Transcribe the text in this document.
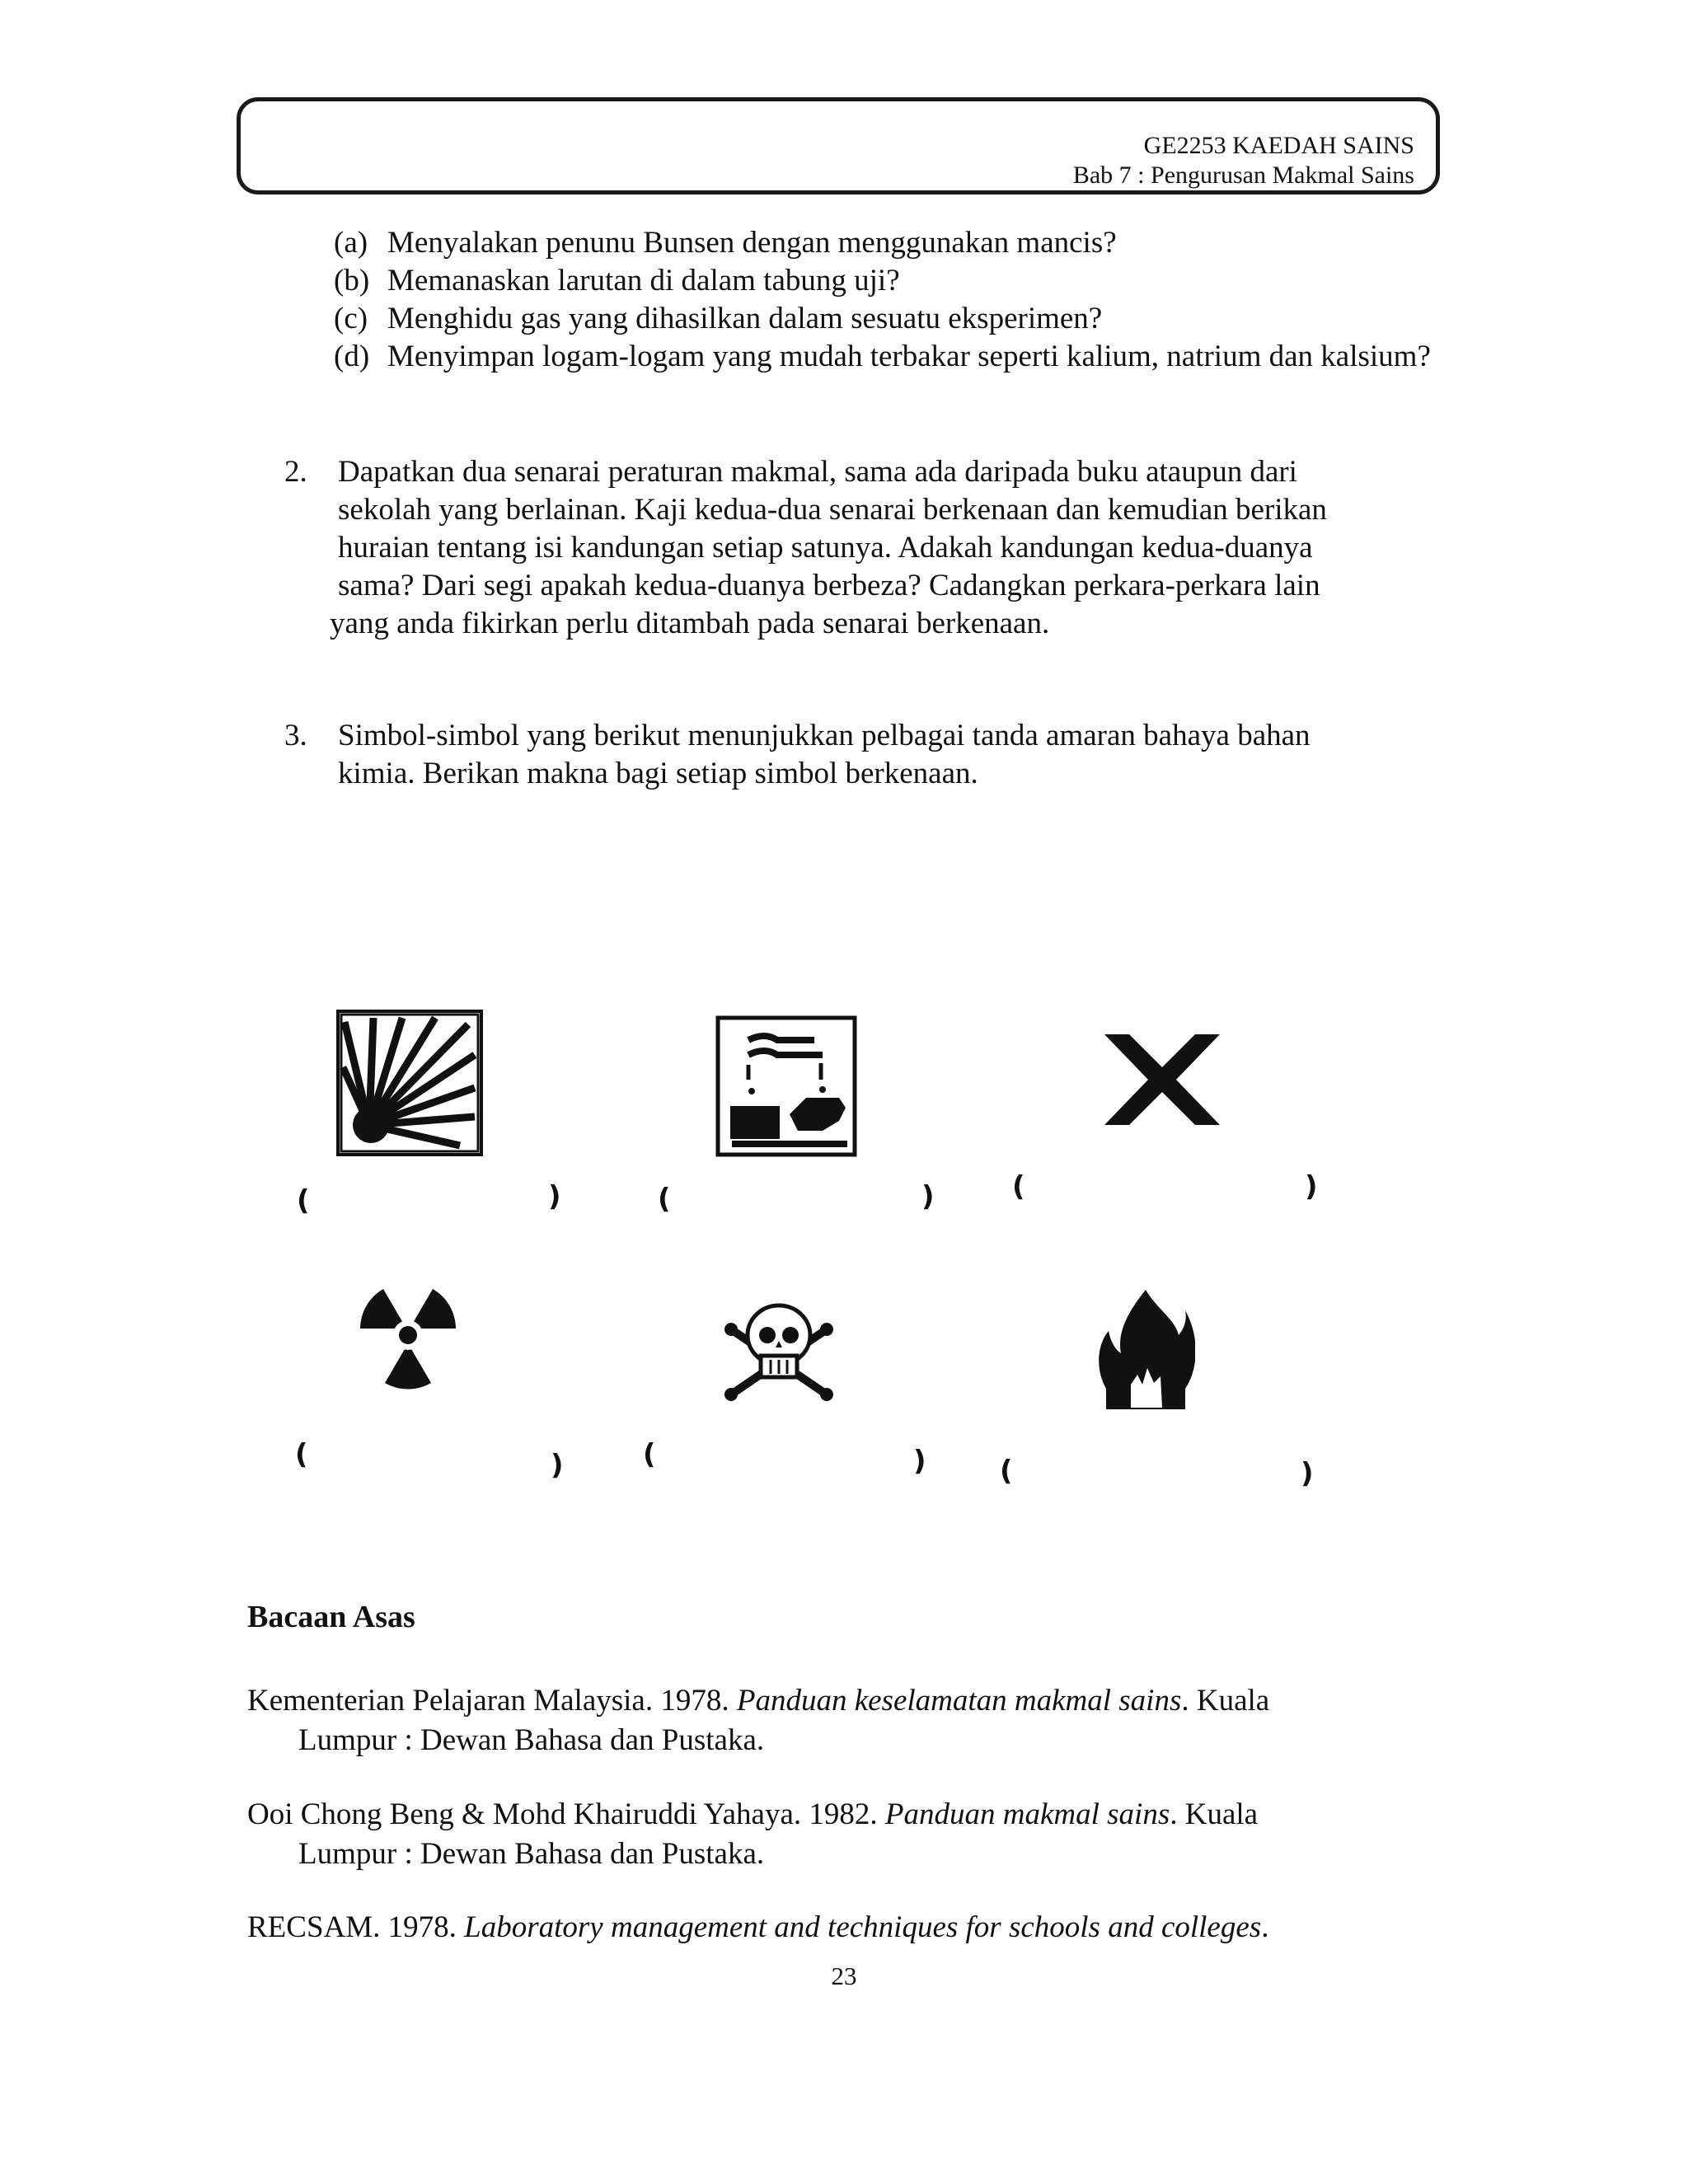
GE2253 KAEDAH SAINS
Bab 7 : Pengurusan Makmal Sains
(a) Menyalakan penunu Bunsen dengan menggunakan mancis?
(b) Memanaskan larutan di dalam tabung uji?
(c) Menghidu gas yang dihasilkan dalam sesuatu eksperimen?
(d) Menyimpan logam-logam yang mudah terbakar seperti kalium, natrium dan kalsium?
2. Dapatkan dua senarai peraturan makmal, sama ada daripada buku ataupun dari
sekolah yang berlainan. Kaji kedua-dua senarai berkenaan dan kemudian berikan
huraian tentang isi kandungan setiap satunya. Adakah kandungan kedua-duanya
sama? Dari segi apakah kedua-duanya berbeza? Cadangkan perkara-perkara lain
yang anda fikirkan perlu ditambah pada senarai berkenaan.
3. Simbol-simbol yang berikut menunjukkan pelbagai tanda amaran bahaya bahan
kimia. Berikan makna bagi setiap simbol berkenaan.
(	)	(	)	(	)
(	)	(	)	(	)
Bacaan Asas
Kementerian Pelajaran Malaysia. 1978. Panduan keselamatan makmal sains. Kuala
Lumpur : Dewan Bahasa dan Pustaka.
Ooi Chong Beng & Mohd Khairuddi Yahaya. 1982. Panduan makmal sains. Kuala
Lumpur : Dewan Bahasa dan Pustaka.
RECSAM. 1978. Laboratory management and techniques for schools and colleges.
23
